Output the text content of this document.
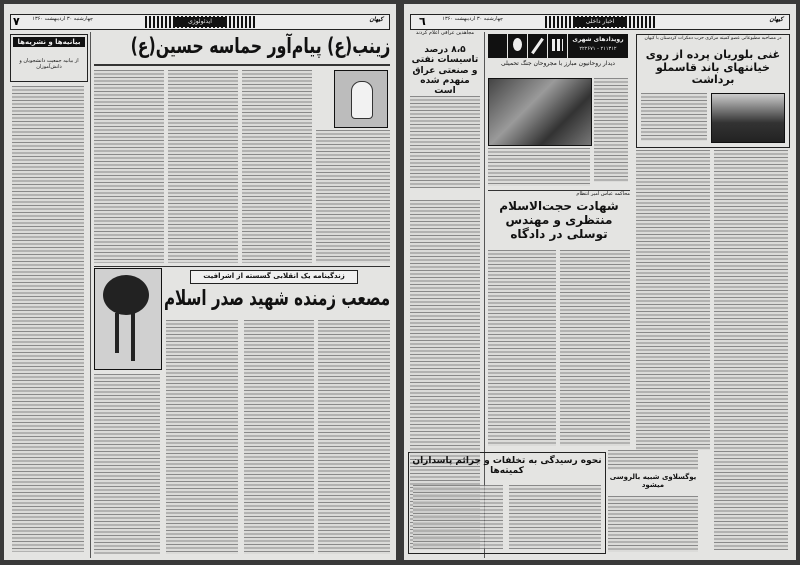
۷	چهارشنبه ۳۰ اردیبهشت ۱۳۶۰	ایدئولوژی	کیهان
بیانیه‌ها و نشریه‌ها
از بیانیه جمعیت دانشجویان و دانش‌آموزان
زینب(ع) پیام‌آور حماسه حسین(ع)
زندگینامه یک انقلابی گسسته از اشرافیت
مصعب زمنده شهید صدر اسلام
٦	چهارشنبه ۳۰ اردیبهشت ۱۳۶۰	اخبار داخلی	کیهان
مجاهدین عراقی اعلام کردند
۸،۵ درصد تاسیسات نفتی و صنعتی عراق منهدم شده است
رویدادهای شهری
۲۱۱۳۱۲ - ۲۲۲۶۷۱
دیدار روحانیون مبارز با مجروحان جنگ تحمیلی
در مصاحبه مطبوعاتی عضو کمیته مرکزی حزب دمکرات کردستان با کیهان
غنی بلوریان پرده از روی خیانتهای باند قاسملو برداشت
محاکمه عباس امیر انتظام
شهادت حجت‌الاسلام منتظری و مهندس توسلی در دادگاه
نحوه رسیدگی به تخلفات و جرائم پاسداران کمیته‌ها
یوگسلاوی شبیه بالروسی میشود
